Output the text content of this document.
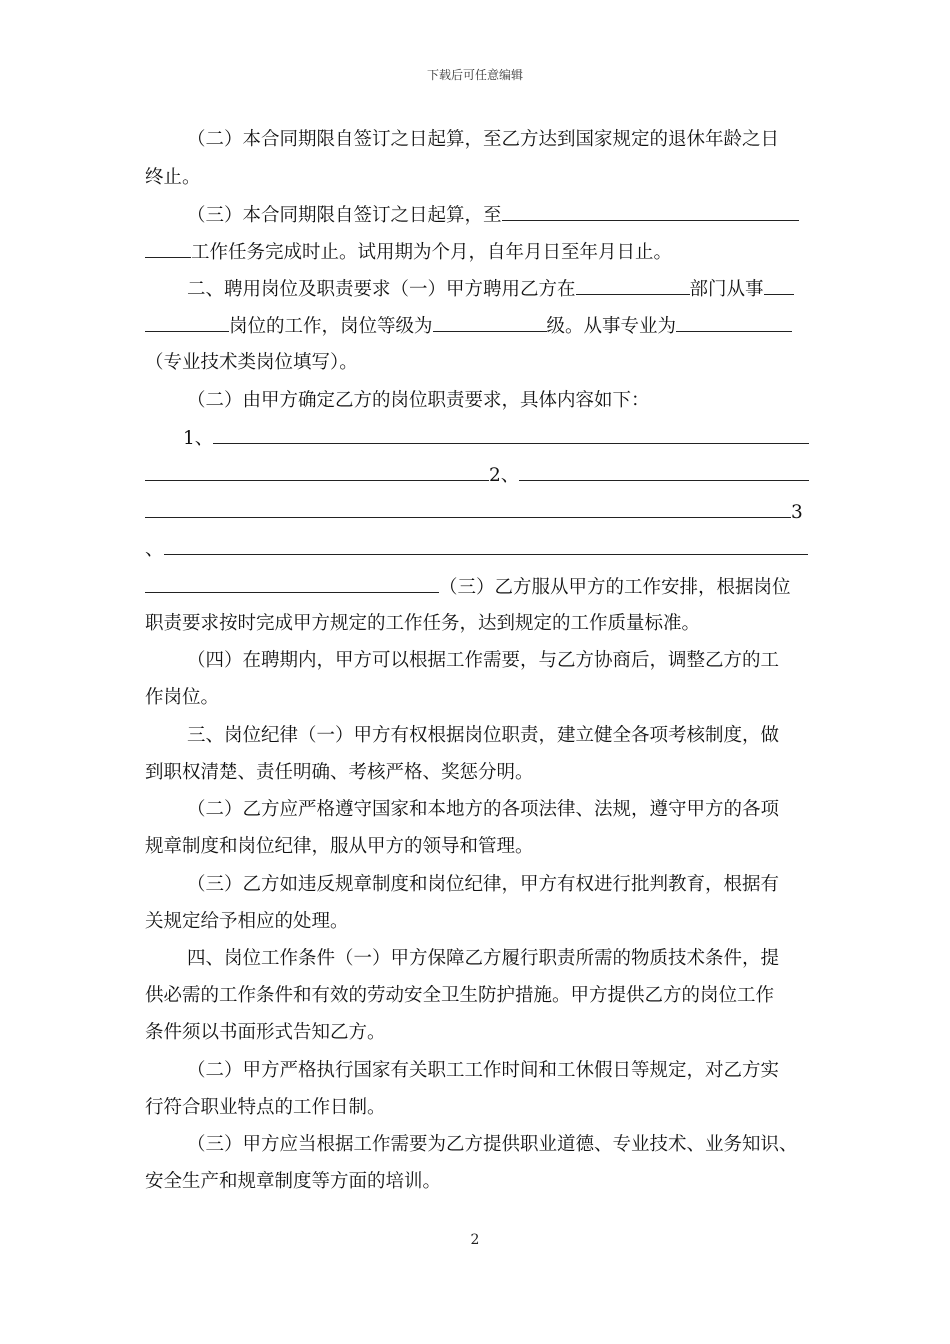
下载后可任意编辑
（二）本合同期限自签订之日起算，至乙方达到国家规定的退休年龄之日
终止。
（三）本合同期限自签订之日起算，至
工作任务完成时止。试用期为个月，自年月日至年月日止。
二、聘用岗位及职责要求（一）甲方聘用乙方在	部门从事
岗位的工作，岗位等级为	级。从事专业为
（专业技术类岗位填写）。
（二）由甲方确定乙方的岗位职责要求，具体内容如下：
1、
2、
3
、
（三）乙方服从甲方的工作安排，根据岗位
职责要求按时完成甲方规定的工作任务，达到规定的工作质量标准。
（四）在聘期内，甲方可以根据工作需要，与乙方协商后，调整乙方的工
作岗位。
三、岗位纪律（一）甲方有权根据岗位职责，建立健全各项考核制度，做
到职权清楚、责任明确、考核严格、奖惩分明。
（二）乙方应严格遵守国家和本地方的各项法律、法规，遵守甲方的各项
规章制度和岗位纪律，服从甲方的领导和管理。
（三）乙方如违反规章制度和岗位纪律，甲方有权进行批判教育，根据有
关规定给予相应的处理。
四、岗位工作条件（一）甲方保障乙方履行职责所需的物质技术条件，提
供必需的工作条件和有效的劳动安全卫生防护措施。甲方提供乙方的岗位工作
条件须以书面形式告知乙方。
（二）甲方严格执行国家有关职工工作时间和工休假日等规定，对乙方实
行符合职业特点的工作日制。
（三）甲方应当根据工作需要为乙方提供职业道德、专业技术、业务知识、
安全生产和规章制度等方面的培训。
2
